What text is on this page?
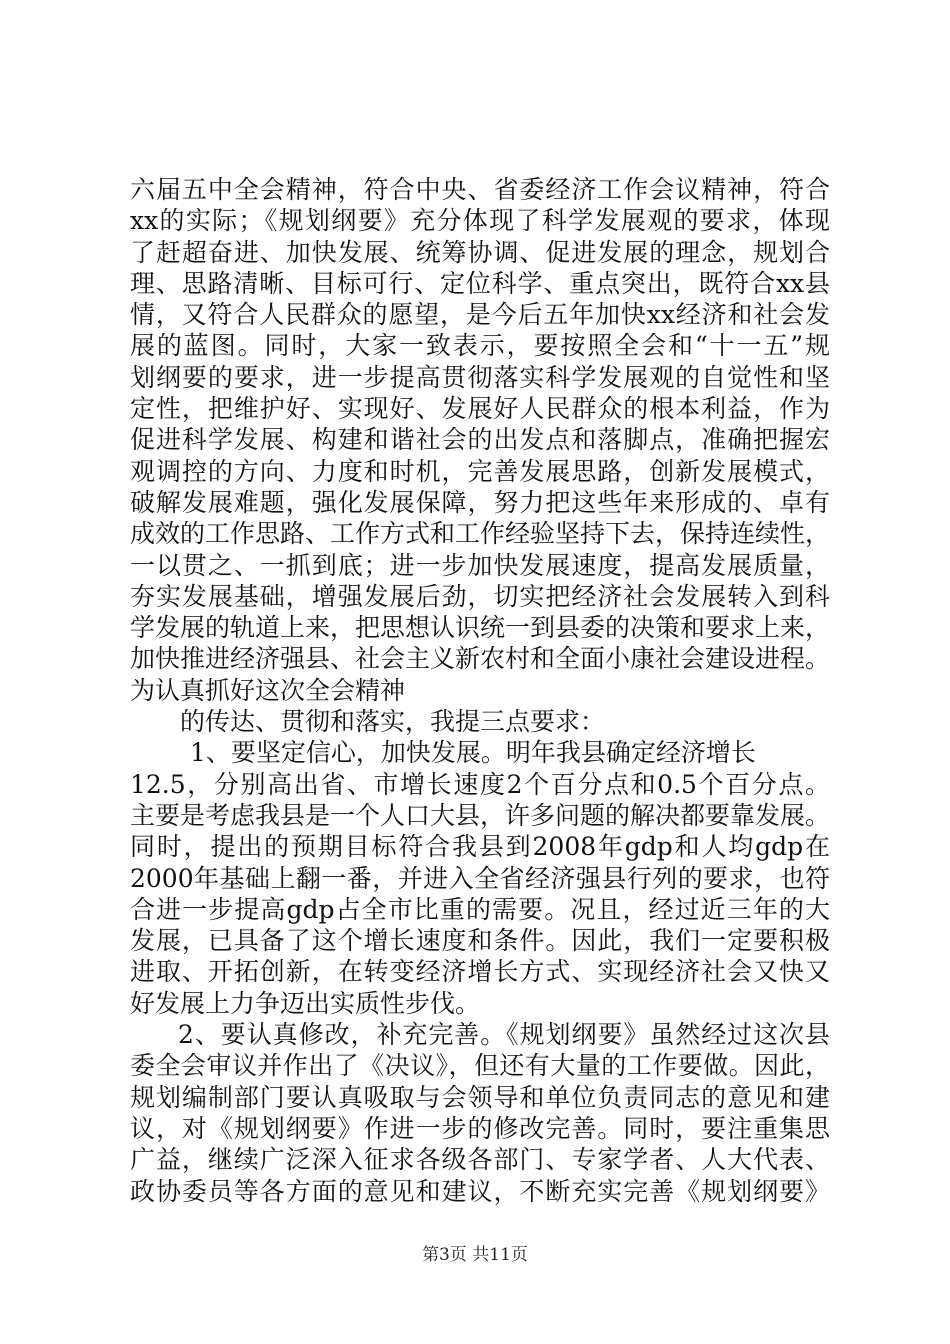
六届五中全会精神，符合中央、省委经济工作会议精神，符合
xx的实际；《规划纲要》充分体现了科学发展观的要求，体现
了赶超奋进、加快发展、统筹协调、促进发展的理念，规划合
理、思路清晰、目标可行、定位科学、重点突出，既符合xx县
情，又符合人民群众的愿望，是今后五年加快xx经济和社会发
展的蓝图。同时，大家一致表示，要按照全会和“十一五”规
划纲要的要求，进一步提高贯彻落实科学发展观的自觉性和坚
定性，把维护好、实现好、发展好人民群众的根本利益，作为
促进科学发展、构建和谐社会的出发点和落脚点，准确把握宏
观调控的方向、力度和时机，完善发展思路，创新发展模式，
破解发展难题，强化发展保障，努力把这些年来形成的、卓有
成效的工作思路、工作方式和工作经验坚持下去，保持连续性，
一以贯之、一抓到底；进一步加快发展速度，提高发展质量，
夯实发展基础，增强发展后劲，切实把经济社会发展转入到科
学发展的轨道上来，把思想认识统一到县委的决策和要求上来，
加快推进经济强县、社会主义新农村和全面小康社会建设进程。
为认真抓好这次全会精神
的传达、贯彻和落实，我提三点要求：
1、要坚定信心，加快发展。明年我县确定经济增长
12.5，分别高出省、市增长速度2个百分点和0.5个百分点。
主要是考虑我县是一个人口大县，许多问题的解决都要靠发展。
同时，提出的预期目标符合我县到2008年gdp和人均gdp在
2000年基础上翻一番，并进入全省经济强县行列的要求，也符
合进一步提高gdp占全市比重的需要。况且，经过近三年的大
发展，已具备了这个增长速度和条件。因此，我们一定要积极
进取、开拓创新，在转变经济增长方式、实现经济社会又快又
好发展上力争迈出实质性步伐。
2、要认真修改，补充完善。《规划纲要》虽然经过这次县
委全会审议并作出了《决议》，但还有大量的工作要做。因此，
规划编制部门要认真吸取与会领导和单位负责同志的意见和建
议，对《规划纲要》作进一步的修改完善。同时，要注重集思
广益，继续广泛深入征求各级各部门、专家学者、人大代表、
政协委员等各方面的意见和建议，不断充实完善《规划纲要》
第3页 共11页
